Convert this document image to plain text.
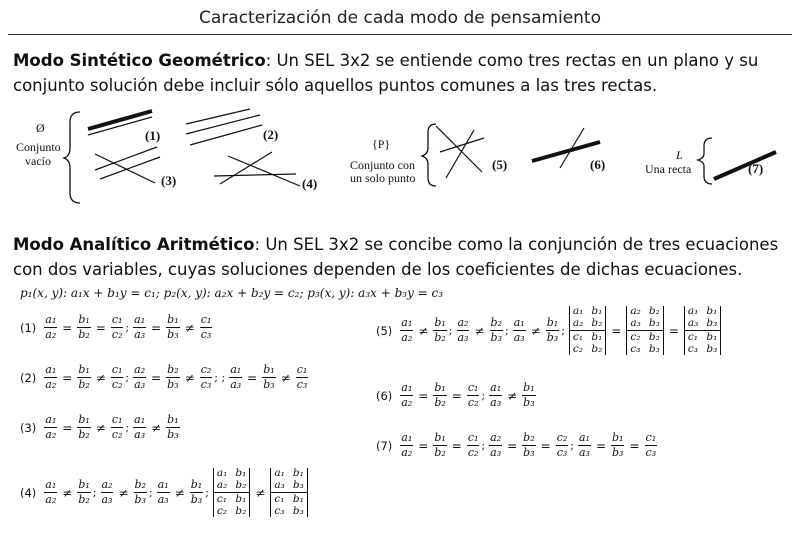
Caracterización de cada modo de pensamiento
Modo Sintético Geométrico: Un SEL 3x2 se entiende como tres rectas en un plano y su conjunto solución debe incluir sólo aquellos puntos comunes a las tres rectas.
Ø
Conjunto
vacío
(1)	(2)
(3)	(4)
{P}
Conjunto con
un solo punto
(5)	(6)
L
Una recta	(7)
Modo Analítico Aritmético: Un SEL 3x2 se concibe como la conjunción de tres ecuaciones con dos variables, cuyas soluciones dependen de los coeficientes de dichas ecuaciones.
p₁(x, y): a₁x + b₁y = c₁; p₂(x, y): a₂x + b₂y = c₂; p₃(x, y): a₃x + b₃y = c₃
$(1) \frac{\text{a₁}}{\text{a₂}} = \frac{\text{b₁}}{\text{b₂}} = \frac{\text{c₁}}{\text{c₂}}$ ; $\frac{\text{a₁}}{\text{a₃}} = \frac{\text{b₁}}{\text{b₃}}$ ≠
c₁
c₃
$(2) \frac{\text{a₁}}{\text{a₂}} = \frac{\text{b₁}}{\text{b₂}}$ ≠
c₁
c₂
; $\frac{\text{a₂}}{\text{a₃}} = \frac{\text{b₂}}{\text{b₃}}$ ≠
c₂
c₃
; ; $\frac{\text{a₁}}{\text{a₃}} = \frac{\text{b₁}}{\text{b₃}}$ ≠
c₁
c₃
$(3) \frac{\text{a₁}}{\text{a₂}} = \frac{\text{b₁}}{\text{b₂}}$ ≠
c₁
c₂
;
a₁
a₃ ≠
b₁
b₃
(4)
a₁
a₂ ≠
b₁
b₂
;
a₂
a₃ ≠
b₂
b₃
;
a₁
a₃ ≠
b₁
b₃
;
a₁ b₁
a₂ b₂
c₁ b₁
c₂ b₂
≠
a₁ b₁
a₃ b₃
c₁ b₁
c₃ b₃
(5)
a₁
a₂ ≠
b₁
b₂
;
a₂
a₃ ≠
b₂
b₃
;
a₁
a₃ ≠
b₁
b₃
; a₁ b₁
a₂ b₂
c₁ b₁
c₂ b₂ = a₂ b₂
a₃ b₃
c₂ b₂
c₃ b₃ = a₁ b₁
a₃ b₃
c₁ b₁
c₃ b₃
$(6) \frac{\text{a₁}}{\text{a₂}} = \frac{\text{b₁}}{\text{b₂}} = \frac{\text{c₁}}{\text{c₂}}$ ;
a₁
a₃ ≠
b₁
b₃
$(7) \frac{\text{a₁}}{\text{a₂}} = \frac{\text{b₁}}{\text{b₂}} = \frac{\text{c₁}}{\text{c₂}}$ ; $\frac{\text{a₂}}{\text{a₃}} = \frac{\text{b₂}}{\text{b₃}} = \frac{\text{c₂}}{\text{c₃}}$ ; $\frac{\text{a₁}}{\text{a₃}} = \frac{\text{b₁}}{\text{b₃}} = \frac{\text{c₁}}{\text{c₃}}$
